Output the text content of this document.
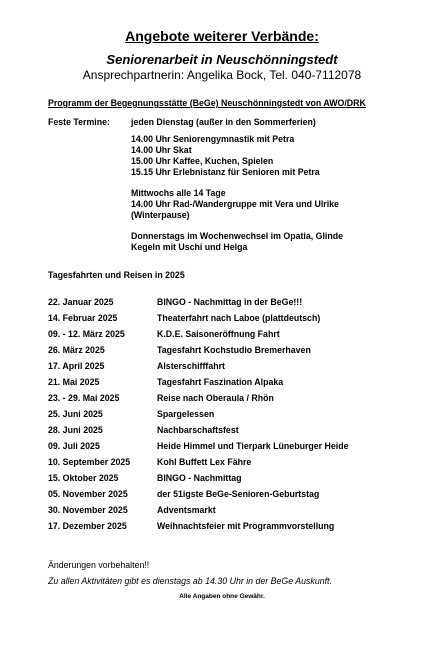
Angebote weiterer Verbände:
Seniorenarbeit in Neuschönningstedt
Ansprechpartnerin: Angelika Bock, Tel. 040-7112078
Programm der Begegnungsstätte (BeGe) Neuschönningstedt von AWO/DRK
Feste Termine: jeden Dienstag (außer in den Sommerferien)
14.00 Uhr Seniorengymnastik mit Petra
14.00 Uhr Skat
15.00 Uhr Kaffee, Kuchen, Spielen
15.15 Uhr Erlebnistanz für Senioren mit Petra
Mittwochs alle 14 Tage
14.00 Uhr Rad-/Wandergruppe mit Vera und Ulrike
(Winterpause)
Donnerstags im Wochenwechsel im Opatia, Glinde
Kegeln mit Uschi und Helga
Tagesfahrten und Reisen in 2025
22. Januar 2025	BINGO - Nachmittag in der BeGe!!!
14. Februar 2025	Theaterfahrt nach Laboe (plattdeutsch)
09. - 12. März 2025	K.D.E. Saisoneröffnung Fahrt
26. März 2025	Tagesfahrt Kochstudio Bremerhaven
17. April 2025	Alsterschifffahrt
21. Mai 2025	Tagesfahrt Faszination Alpaka
23. - 29. Mai 2025	Reise nach Oberaula / Rhön
25. Juni 2025	Spargelessen
28. Juni 2025	Nachbarschaftsfest
09. Juli 2025	Heide Himmel und Tierpark Lüneburger Heide
10. September 2025	Kohl Buffett Lex Fähre
15. Oktober 2025	BINGO - Nachmittag
05. November 2025	der 51igste BeGe-Senioren-Geburtstag
30. November 2025	Adventsmarkt
17. Dezember 2025	Weihnachtsfeier mit Programmvorstellung
Änderungen vorbehalten!!
Zu allen Aktivitäten gibt es dienstags ab 14.30 Uhr in der BeGe Auskunft.
Alle Angaben ohne Gewähr.
